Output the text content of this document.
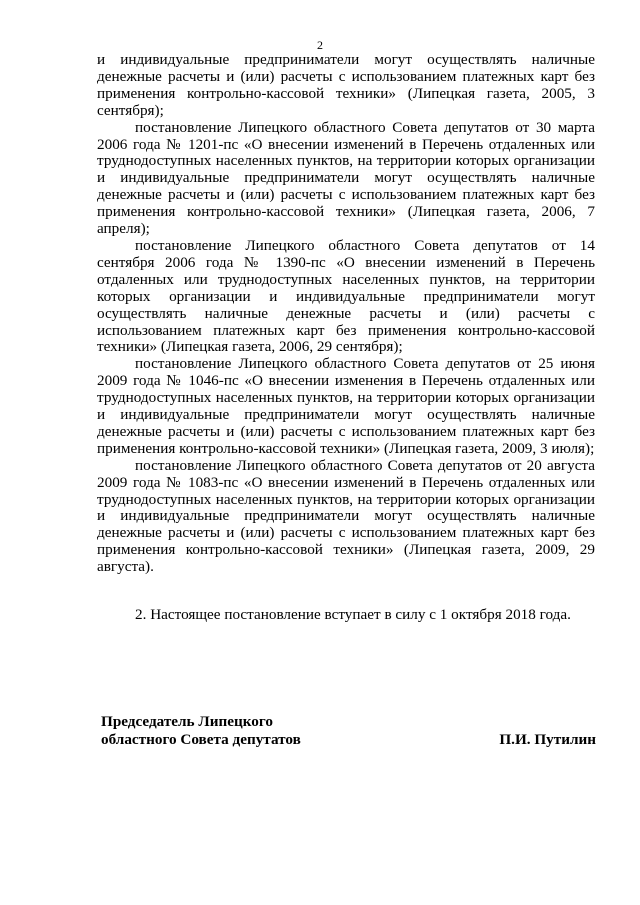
2

и индивидуальные предприниматели могут осуществлять наличные денежные расчеты и (или) расчеты с использованием платежных карт без применения контрольно-кассовой техники» (Липецкая газета, 2005, 3 сентября);

постановление Липецкого областного Совета депутатов от 30 марта 2006 года № 1201-пс «О внесении изменений в Перечень отдаленных или труднодоступных населенных пунктов, на территории которых организации и индивидуальные предприниматели могут осуществлять наличные денежные расчеты и (или) расчеты с использованием платежных карт без применения контрольно-кассовой техники» (Липецкая газета, 2006, 7 апреля);

постановление Липецкого областного Совета депутатов от 14 сентября 2006 года № 1390-пс «О внесении изменений в Перечень отдаленных или труднодоступных населенных пунктов, на территории которых организации и индивидуальные предприниматели могут осуществлять наличные денежные расчеты и (или) расчеты с использованием платежных карт без применения контрольно-кассовой техники» (Липецкая газета, 2006, 29 сентября);

постановление Липецкого областного Совета депутатов от 25 июня 2009 года № 1046-пс «О внесении изменения в Перечень отдаленных или труднодоступных населенных пунктов, на территории которых организации и индивидуальные предприниматели могут осуществлять наличные денежные расчеты и (или) расчеты с использованием платежных карт без применения контрольно-кассовой техники» (Липецкая газета, 2009, 3 июля);

постановление Липецкого областного Совета депутатов от 20 августа 2009 года № 1083-пс «О внесении изменений в Перечень отдаленных или труднодоступных населенных пунктов, на территории которых организации и индивидуальные предприниматели могут осуществлять наличные денежные расчеты и (или) расчеты с использованием платежных карт без применения контрольно-кассовой техники» (Липецкая газета, 2009, 29 августа).

2. Настоящее постановление вступает в силу с 1 октября 2018 года.

Председатель Липецкого
областного Совета депутатов	П.И. Путилин
